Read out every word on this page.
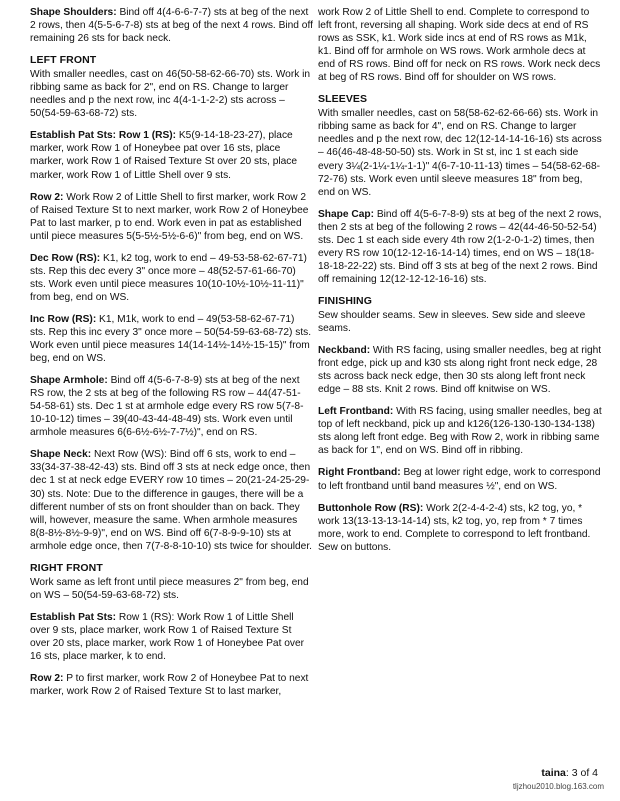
Shape Shoulders: Bind off 4(4-6-6-7-7) sts at beg of the next 2 rows, then 4(5-5-6-7-8) sts at beg of the next 4 rows. Bind off remaining 26 sts for back neck.

LEFT FRONT

With smaller needles, cast on 46(50-58-62-66-70) sts. Work in ribbing same as back for 2", end on RS. Change to larger needles and p the next row, inc 4(4-1-1-2-2) sts across – 50(54-59-63-68-72) sts.

Establish Pat Sts: Row 1 (RS): K5(9-14-18-23-27), place marker, work Row 1 of Honeybee pat over 16 sts, place marker, work Row 1 of Raised Texture St over 20 sts, place marker, work Row 1 of Little Shell over 9 sts.

Row 2: Work Row 2 of Little Shell to first marker, work Row 2 of Raised Texture St to next marker, work Row 2 of Honeybee Pat to last marker, p to end. Work even in pat as established until piece measures 5(5-5½-5½-6-6)" from beg, end on WS.

Dec Row (RS): K1, k2 tog, work to end – 49-53-58-62-67-71) sts. Rep this dec every 3" once more – 48(52-57-61-66-70) sts. Work even until piece measures 10(10-10½-10½-11-11)" from beg, end on WS.

Inc Row (RS): K1, M1k, work to end – 49(53-58-62-67-71) sts. Rep this inc every 3" once more – 50(54-59-63-68-72) sts. Work even until piece measures 14(14-14½-14½-15-15)" from beg, end on WS.

Shape Armhole: Bind off 4(5-6-7-8-9) sts at beg of the next RS row, the 2 sts at beg of the following RS row – 44(47-51-54-58-61) sts. Dec 1 st at armhole edge every RS row 5(7-8-10-10-12) times – 39(40-43-44-48-49) sts. Work even until armhole measures 6(6-6½-6½-7-7½)", end on RS.

Shape Neck: Next Row (WS): Bind off 6 sts, work to end – 33(34-37-38-42-43) sts. Bind off 3 sts at neck edge once, then dec 1 st at neck edge EVERY row 10 times – 20(21-24-25-29-30) sts. Note: Due to the difference in gauges, there will be a different number of sts on front shoulder than on back. They will, however, measure the same. When armhole measures 8(8-8½-8½-9-9)", end on WS. Bind off 6(7-8-9-9-10) sts at armhole edge once, then 7(7-8-8-10-10) sts twice for shoulder.

RIGHT FRONT

Work same as left front until piece measures 2" from beg, end on WS – 50(54-59-63-68-72) sts.

Establish Pat Sts: Row 1 (RS): Work Row 1 of Little Shell over 9 sts, place marker, work Row 1 of Raised Texture St over 20 sts, place marker, work Row 1 of Honeybee Pat over 16 sts, place marker, k to end.

Row 2: P to first marker, work Row 2 of Honeybee Pat to next marker, work Row 2 of Raised Texture St to last marker,

work Row 2 of Little Shell to end. Complete to correspond to left front, reversing all shaping. Work side decs at end of RS rows as SSK, k1. Work side incs at end of RS rows as M1k, k1. Bind off for armhole on WS rows. Work armhole decs at end of RS rows. Bind off for neck on RS rows. Work neck decs at beg of RS rows. Bind off for shoulder on WS rows.

SLEEVES

With smaller needles, cast on 58(58-62-62-66-66) sts. Work in ribbing same as back for 4", end on RS. Change to larger needles and p the next row, dec 12(12-14-14-16-16) sts across – 46(46-48-48-50-50) sts. Work in St st, inc 1 st each side every 3¼(2-1¼-1¼-1-1)" 4(6-7-10-11-13) times – 54(58-62-68-72-76) sts. Work even until sleeve measures 18" from beg, end on WS.

Shape Cap: Bind off 4(5-6-7-8-9) sts at beg of the next 2 rows, then 2 sts at beg of the following 2 rows – 42(44-46-50-52-54) sts. Dec 1 st each side every 4th row 2(1-2-0-1-2) times, then every RS row 10(12-12-16-14-14) times, end on WS – 18(18-18-18-22-22) sts. Bind off 3 sts at beg of the next 2 rows. Bind off remaining 12(12-12-12-16-16) sts.

FINISHING

Sew shoulder seams. Sew in sleeves. Sew side and sleeve seams.

Neckband: With RS facing, using smaller needles, beg at right front edge, pick up and k30 sts along right front neck edge, 28 sts across back neck edge, then 30 sts along left front neck edge – 88 sts. Knit 2 rows. Bind off knitwise on WS.

Left Frontband: With RS facing, using smaller needles, beg at top of left neckband, pick up and k126(126-130-130-134-138) sts along left front edge. Beg with Row 2, work in ribbing same as back for 1", end on WS. Bind off in ribbing.

Right Frontband: Beg at lower right edge, work to correspond to left frontband until band measures ½", end on WS.

Buttonhole Row (RS): Work 2(2-4-4-2-4) sts, k2 tog, yo, * work 13(13-13-13-14-14) sts, k2 tog, yo, rep from * 7 times more, work to end. Complete to correspond to left frontband. Sew on buttons.

taina: 3 of 4
tljzhou2010.blog.163.com
